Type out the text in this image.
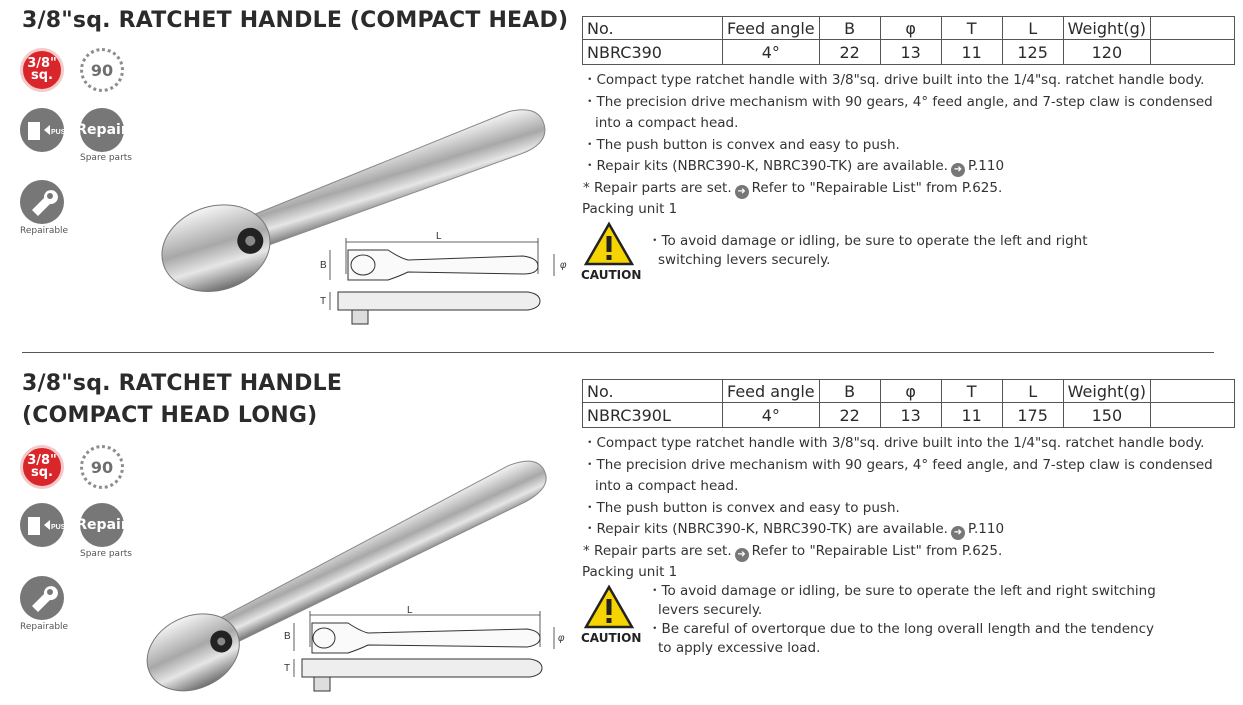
3/8"sq. RATCHET HANDLE (COMPACT HEAD)
3/8"
sq. 90
PUSH Repair
Spare parts
Repairable	L
B	φ
T
No.	Feed angle	B	φ	T	L	Weight(g)	
NBRC390	4°	22	13	11	125	120	
・Compact type ratchet handle with 3/8"sq. drive built into the 1/4"sq. ratchet handle body.
・The precision drive mechanism with 90 gears, 4° feed angle, and 7-step claw is condensed
into a compact head.
・The push button is convex and easy to push.
・Repair kits (NBRC390-K, NBRC390-TK) are available. ➜ P.110
* Repair parts are set. ➜ Refer to "Repairable List" from P.625.
Packing unit 1
CAUTION
・To avoid damage or idling, be sure to operate the left and right
switching levers securely.
3/8"sq. RATCHET HANDLE
(COMPACT HEAD LONG)
3/8"
sq. 90
PUSH Repair
Spare parts
Repairable
L
B	φ
T
No.	Feed angle	B	φ	T	L	Weight(g)	
NBRC390L	4°	22	13	11	175	150	
・Compact type ratchet handle with 3/8"sq. drive built into the 1/4"sq. ratchet handle body.
・The precision drive mechanism with 90 gears, 4° feed angle, and 7-step claw is condensed
into a compact head.
・The push button is convex and easy to push.
・Repair kits (NBRC390-K, NBRC390-TK) are available. ➜ P.110
* Repair parts are set. ➜ Refer to "Repairable List" from P.625.
Packing unit 1
CAUTION
・To avoid damage or idling, be sure to operate the left and right switching
levers securely.
・Be careful of overtorque due to the long overall length and the tendency
to apply excessive load.
